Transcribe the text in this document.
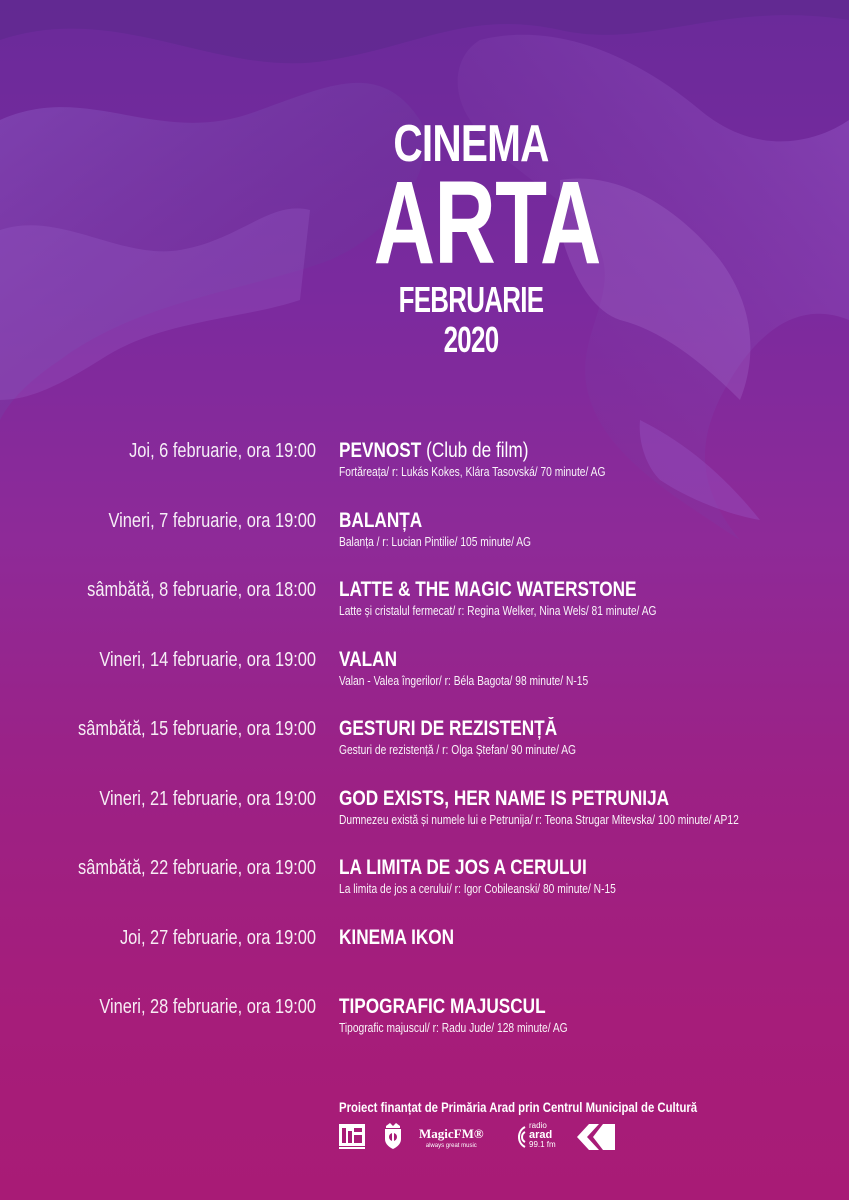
CINEMA
ARTA
FEBRUARIE 2020
Joi, 6 februarie, ora 19:00 PEVNOST (Club de film)
Fortăreața/ r: Lukás Kokes, Klára Tasovská/ 70 minute/ AG
Vineri, 7 februarie, ora 19:00 BALANȚA
Balanța / r: Lucian Pintilie/ 105 minute/ AG
sâmbătă, 8 februarie, ora 18:00 LATTE & THE MAGIC WATERSTONE
Latte și cristalul fermecat/ r: Regina Welker, Nina Wels/ 81 minute/ AG
Vineri, 14 februarie, ora 19:00 VALAN
Valan - Valea îngerilor/ r: Béla Bagota/ 98 minute/ N-15
sâmbătă, 15 februarie, ora 19:00 GESTURI DE REZISTENȚĂ
Gesturi de rezistență / r: Olga Ștefan/ 90 minute/ AG
Vineri, 21 februarie, ora 19:00 GOD EXISTS, HER NAME IS PETRUNIJA
Dumnezeu există și numele lui e Petrunija/ r: Teona Strugar Mitevska/ 100 minute/ AP12
sâmbătă, 22 februarie, ora 19:00 LA LIMITA DE JOS A CERULUI
La limita de jos a cerului/ r: Igor Cobileanski/ 80 minute/ N-15
Joi, 27 februarie, ora 19:00 KINEMA IKON
Vineri, 28 februarie, ora 19:00 TIPOGRAFIC MAJUSCUL
Tipografic majuscul/ r: Radu Jude/ 128 minute/ AG
Proiect finanțat de Primăria Arad prin Centrul Municipal de Cultură
MagicFM®
always great music
radio
arad
99.1 fm
